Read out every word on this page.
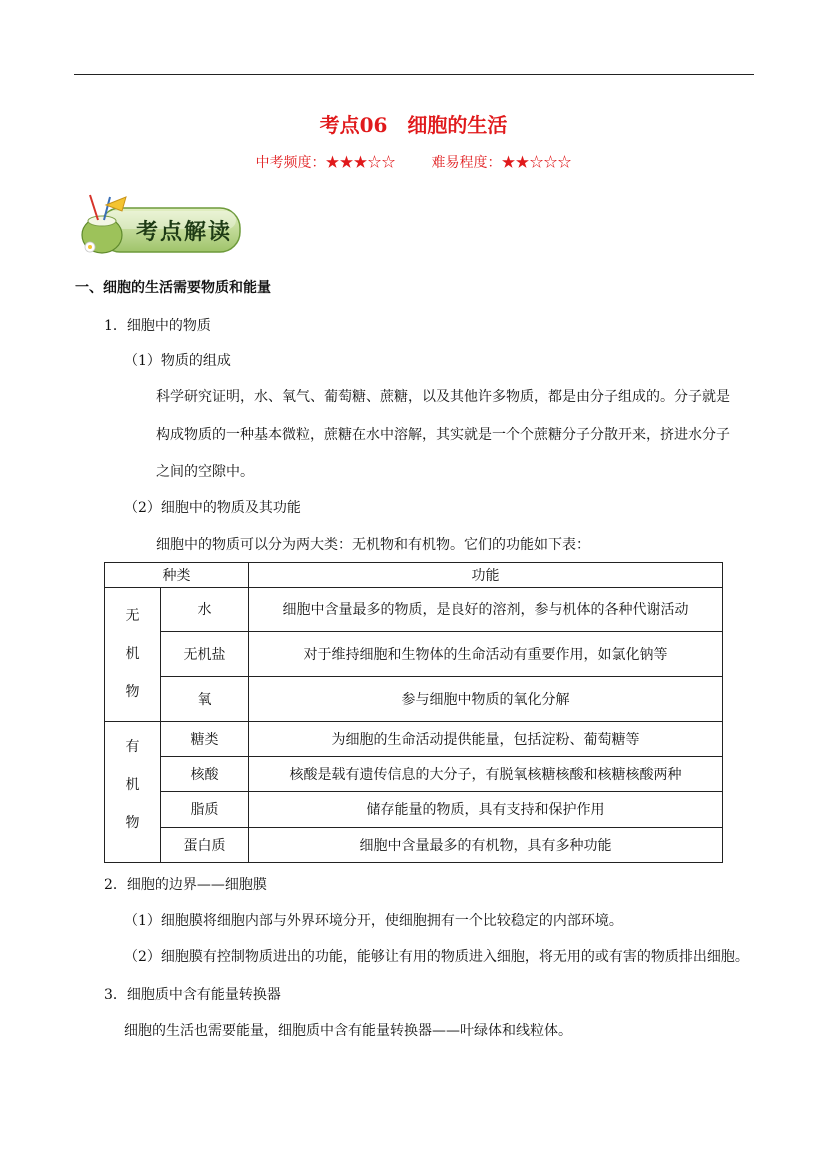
考点06　细胞的生活
中考频度：★★★☆☆	难易程度：★★☆☆☆
考点解读
一、细胞的生活需要物质和能量
1．细胞中的物质
（1）物质的组成
科学研究证明，水、氧气、葡萄糖、蔗糖，以及其他许多物质，都是由分子组成的。分子就是
构成物质的一种基本微粒，蔗糖在水中溶解，其实就是一个个蔗糖分子分散开来，挤进水分子
之间的空隙中。
（2）细胞中的物质及其功能
细胞中的物质可以分为两大类：无机物和有机物。它们的功能如下表：
种类		功能

无
机
物	水	细胞中含量最多的物质，是良好的溶剂，参与机体的各种代谢活动
	无机盐	对于维持细胞和生物体的生命活动有重要作用，如氯化钠等
	氧	参与细胞中物质的氧化分解

有
机
物	糖类	为细胞的生命活动提供能量，包括淀粉、葡萄糖等
	核酸	核酸是载有遗传信息的大分子，有脱氧核糖核酸和核糖核酸两种
	脂质	储存能量的物质，具有支持和保护作用
	蛋白质	细胞中含量最多的有机物，具有多种功能
2．细胞的边界——细胞膜
（1）细胞膜将细胞内部与外界环境分开，使细胞拥有一个比较稳定的内部环境。
（2）细胞膜有控制物质进出的功能，能够让有用的物质进入细胞，将无用的或有害的物质排出细胞。
3．细胞质中含有能量转换器
细胞的生活也需要能量，细胞质中含有能量转换器——叶绿体和线粒体。
